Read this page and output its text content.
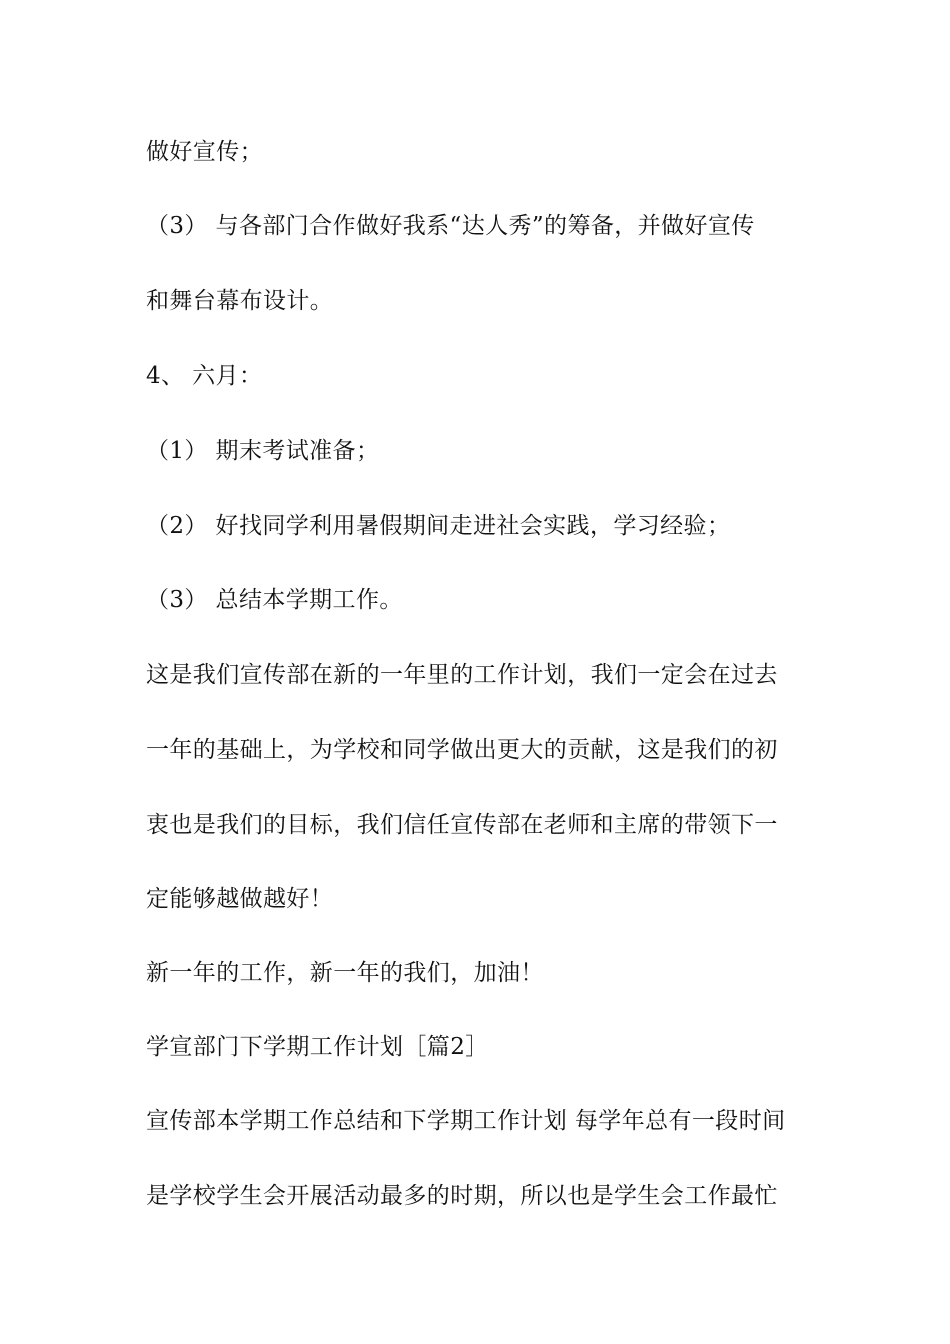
做好宣传；
（3） 与各部门合作做好我系“达人秀”的筹备，并做好宣传
和舞台幕布设计。
4、 六月：
（1） 期末考试准备；
（2） 好找同学利用暑假期间走进社会实践，学习经验；
（3） 总结本学期工作。
这是我们宣传部在新的一年里的工作计划，我们一定会在过去
一年的基础上，为学校和同学做出更大的贡献，这是我们的初
衷也是我们的目标，我们信任宣传部在老师和主席的带领下一
定能够越做越好！
新一年的工作，新一年的我们，加油！
学宣部门下学期工作计划［篇2］
宣传部本学期工作总结和下学期工作计划 每学年总有一段时间
是学校学生会开展活动最多的时期，所以也是学生会工作最忙
